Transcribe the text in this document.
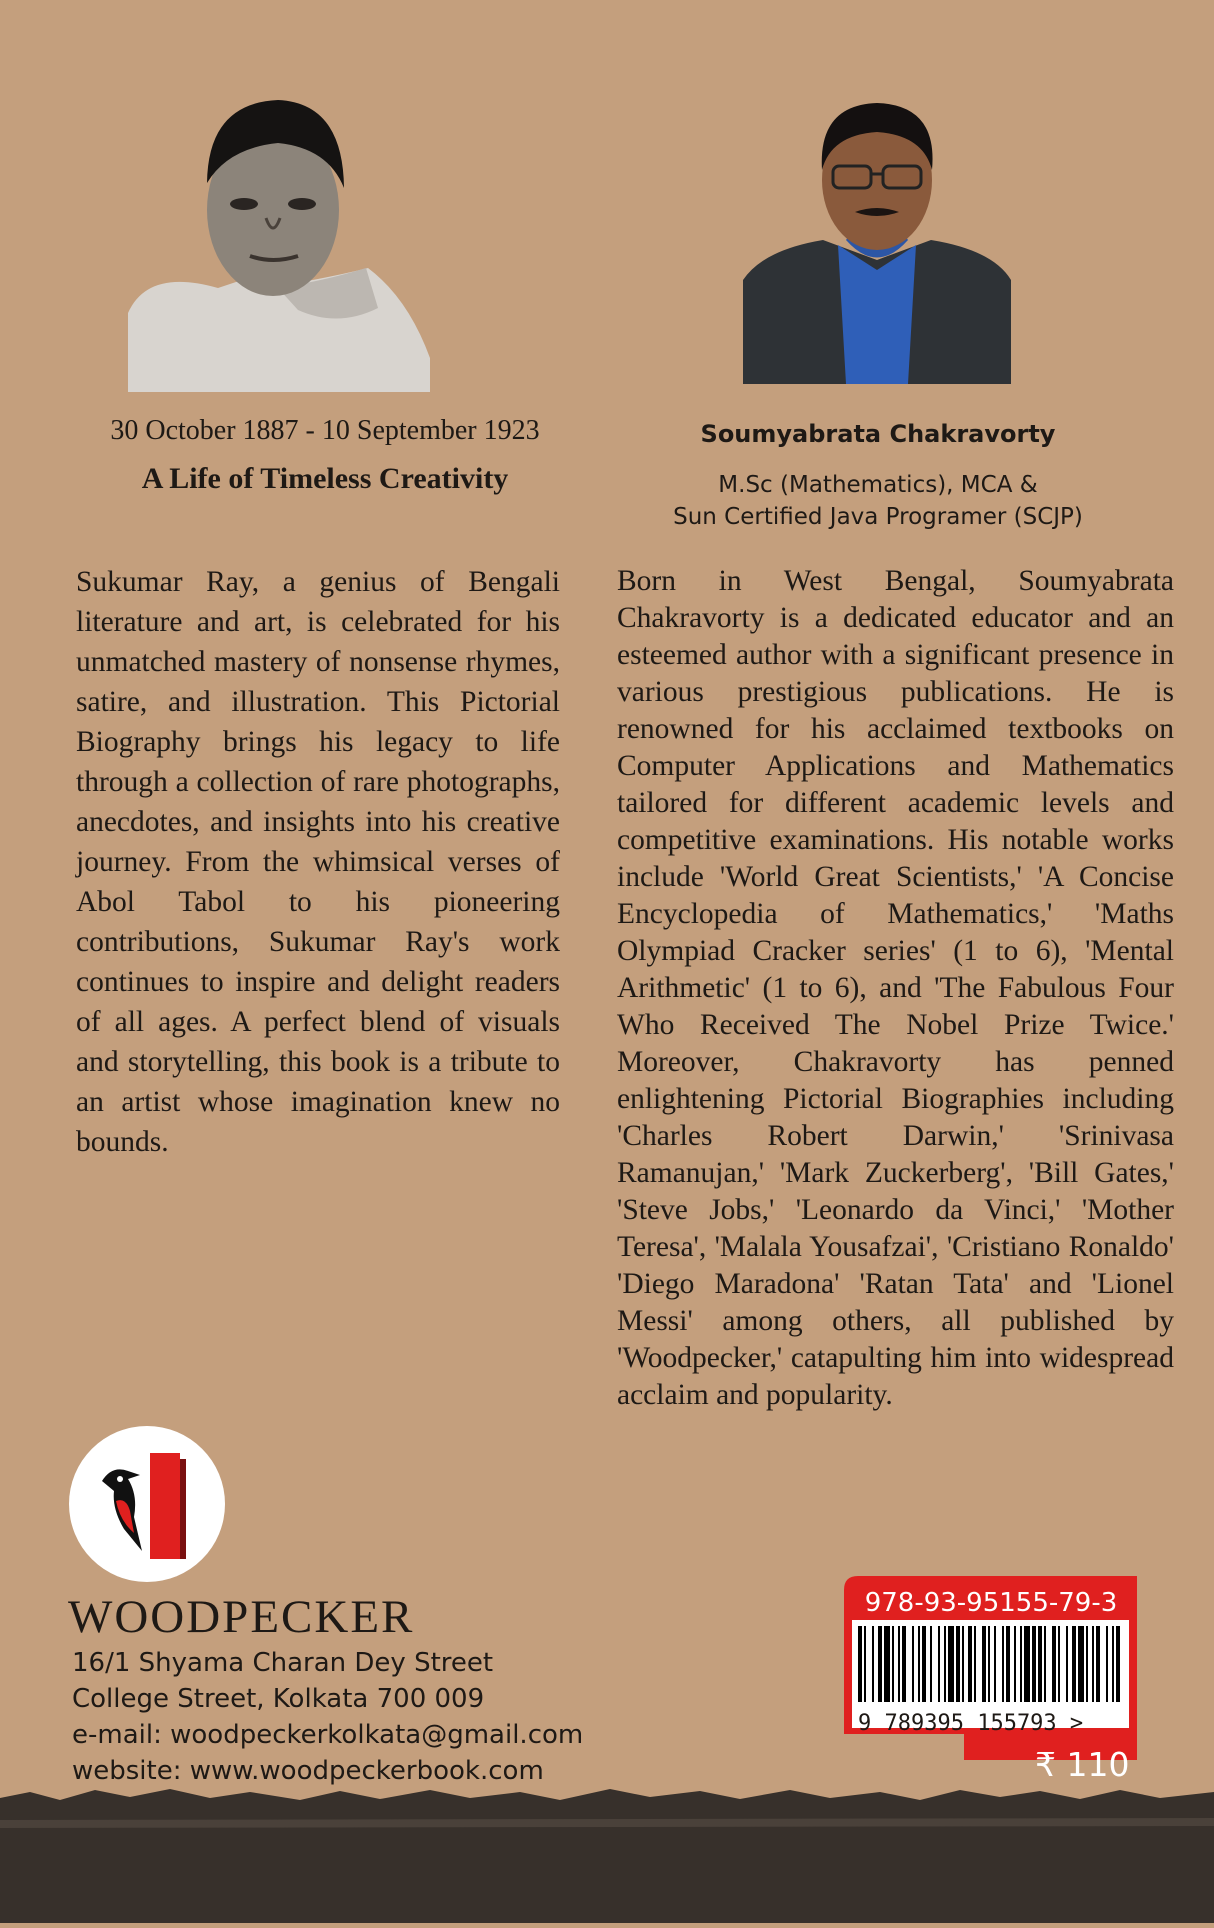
30 October 1887 - 10 September 1923
A Life of Timeless Creativity
Soumyabrata Chakravorty
M.Sc (Mathematics), MCA &
Sun Certified Java Programer (SCJP)

Sukumar Ray, a genius of Bengali literature and art, is celebrated for his unmatched mastery of nonsense rhymes, satire, and illustration. This Pictorial Biography brings his legacy to life through a collection of rare photographs, anecdotes, and insights into his creative journey. From the whimsical verses of Abol Tabol to his pioneering contributions, Sukumar Ray's work continues to inspire and delight readers of all ages. A perfect blend of visuals and storytelling, this book is a tribute to an artist whose imagination knew no bounds.

Born in West Bengal, Soumyabrata Chakravorty is a dedicated educator and an esteemed author with a significant presence in various prestigious publications. He is renowned for his acclaimed textbooks on Computer Applications and Mathematics tailored for different academic levels and competitive examinations. His notable works include 'World Great Scientists,' 'A Concise Encyclopedia of Mathematics,' 'Maths Olympiad Cracker series' (1 to 6), 'Mental Arithmetic' (1 to 6), and 'The Fabulous Four Who Received The Nobel Prize Twice.' Moreover, Chakravorty has penned enlightening Pictorial Biographies including 'Charles Robert Darwin,' 'Srinivasa Ramanujan,' 'Mark Zuckerberg', 'Bill Gates,' 'Steve Jobs,' 'Leonardo da Vinci,' 'Mother Teresa', 'Malala Yousafzai', 'Cristiano Ronaldo' 'Diego Maradona' 'Ratan Tata' and 'Lionel Messi' among others, all published by 'Woodpecker,' catapulting him into widespread acclaim and popularity.

WOODPECKER
16/1 Shyama Charan Dey Street
College Street, Kolkata 700 009
e-mail: woodpeckerkolkata@gmail.com
website: www.woodpeckerbook.com
978-93-95155-79-3
9 789395 155793 >
₹ 110
